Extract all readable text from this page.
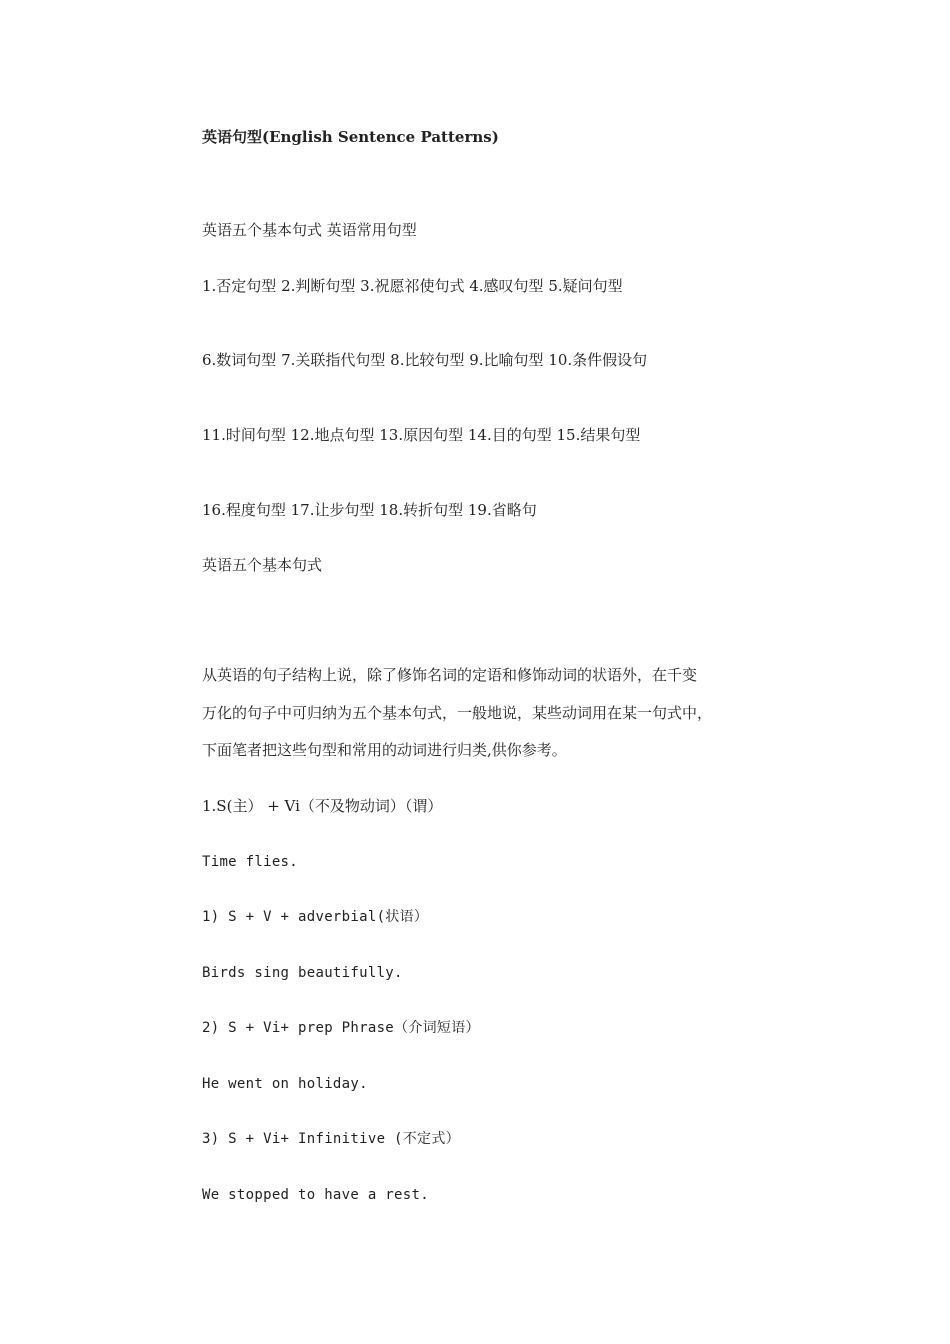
英语句型(English Sentence Patterns)
英语五个基本句式 英语常用句型
1.否定句型 2.判断句型 3.祝愿祁使句式 4.感叹句型 5.疑问句型
6.数词句型 7.关联指代句型 8.比较句型 9.比喻句型 10.条件假设句
11.时间句型 12.地点句型 13.原因句型 14.目的句型 15.结果句型
16.程度句型 17.让步句型 18.转折句型 19.省略句
英语五个基本句式
从英语的句子结构上说，除了修饰名词的定语和修饰动词的状语外，在千变
万化的句子中可归纳为五个基本句式，一般地说，某些动词用在某一句式中，
下面笔者把这些句型和常用的动词进行归类,供你参考。
1.S(主） + Vi（不及物动词）（谓）
Time flies.
1) S + V + adverbial(状语）
Birds sing beautifully.
2) S + Vi+ prep Phrase（介词短语）
He went on holiday.
3) S + Vi+ Infinitive (不定式）
We stopped to have a rest.
